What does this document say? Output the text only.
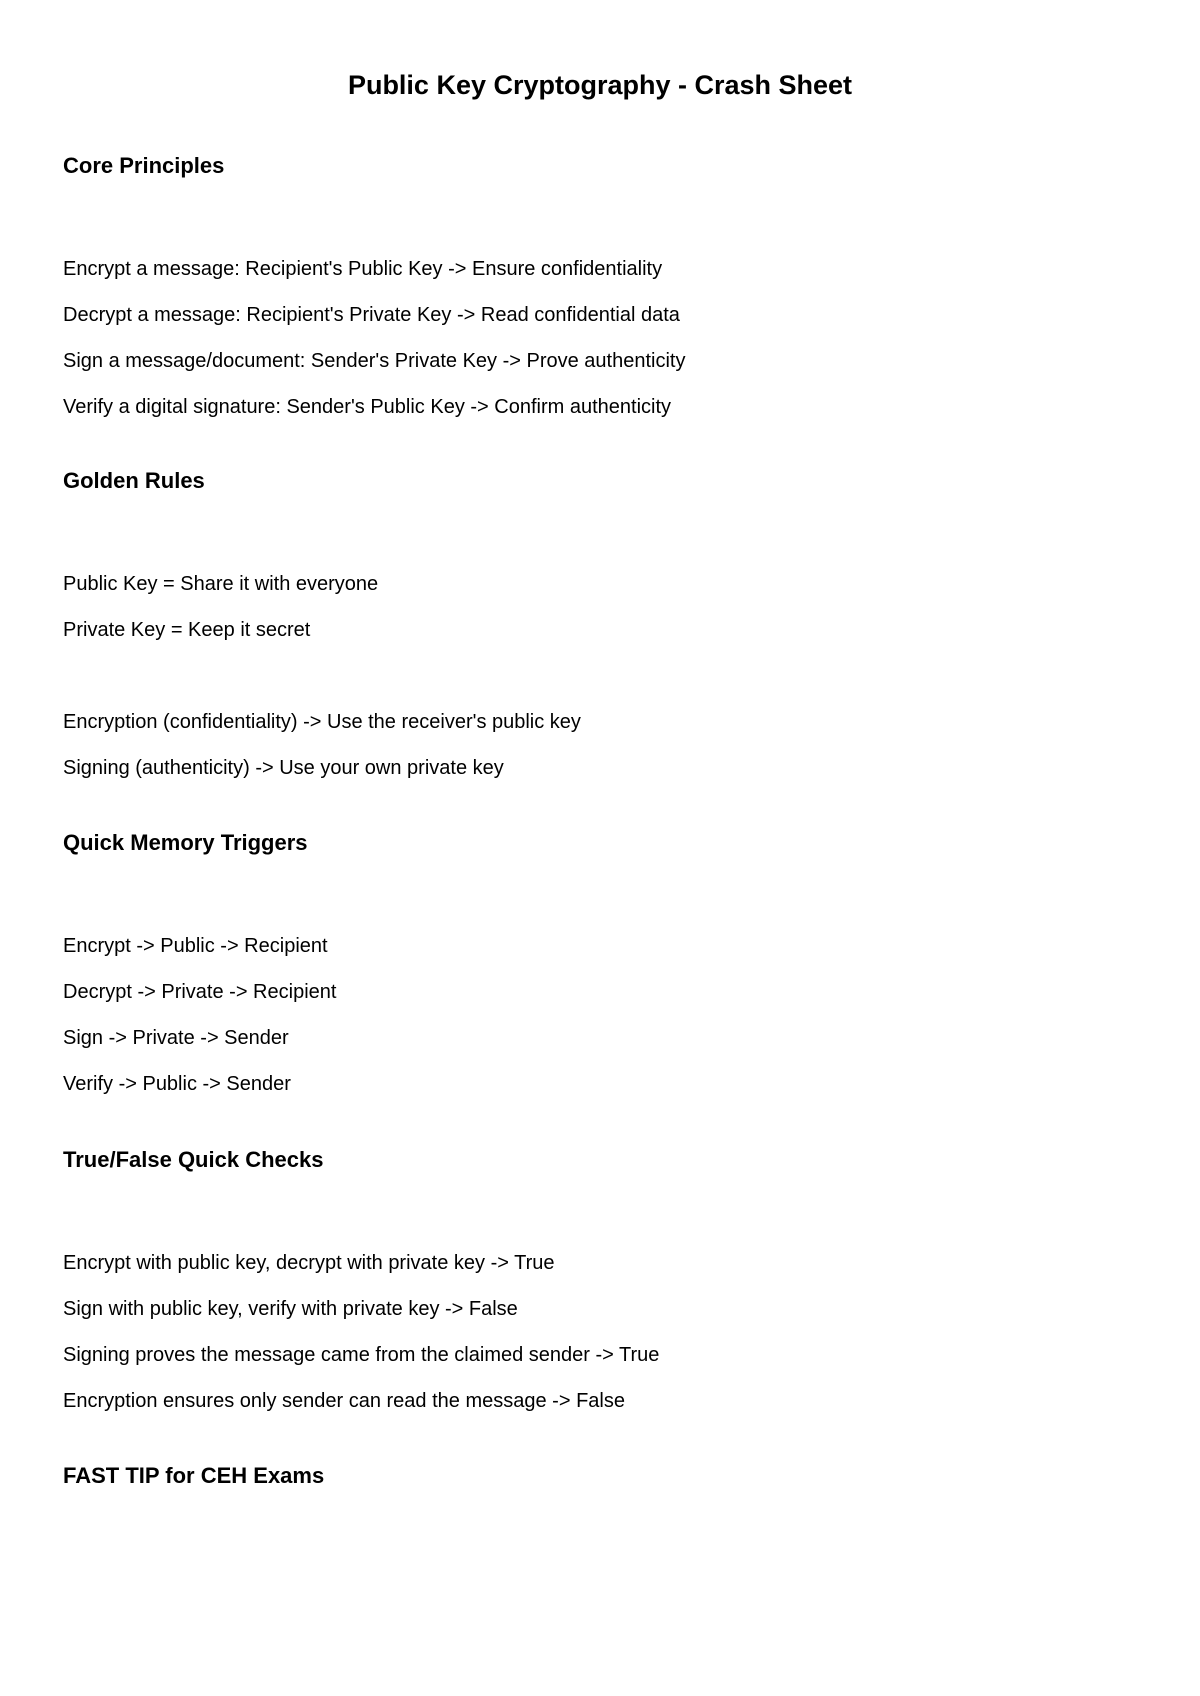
Public Key Cryptography - Crash Sheet
Core Principles
Encrypt a message: Recipient's Public Key -> Ensure confidentiality
Decrypt a message: Recipient's Private Key -> Read confidential data
Sign a message/document: Sender's Private Key -> Prove authenticity
Verify a digital signature: Sender's Public Key -> Confirm authenticity
Golden Rules
Public Key = Share it with everyone
Private Key = Keep it secret
Encryption (confidentiality) -> Use the receiver's public key
Signing (authenticity) -> Use your own private key
Quick Memory Triggers
Encrypt -> Public -> Recipient
Decrypt -> Private -> Recipient
Sign -> Private -> Sender
Verify -> Public -> Sender
True/False Quick Checks
Encrypt with public key, decrypt with private key -> True
Sign with public key, verify with private key -> False
Signing proves the message came from the claimed sender -> True
Encryption ensures only sender can read the message -> False
FAST TIP for CEH Exams
